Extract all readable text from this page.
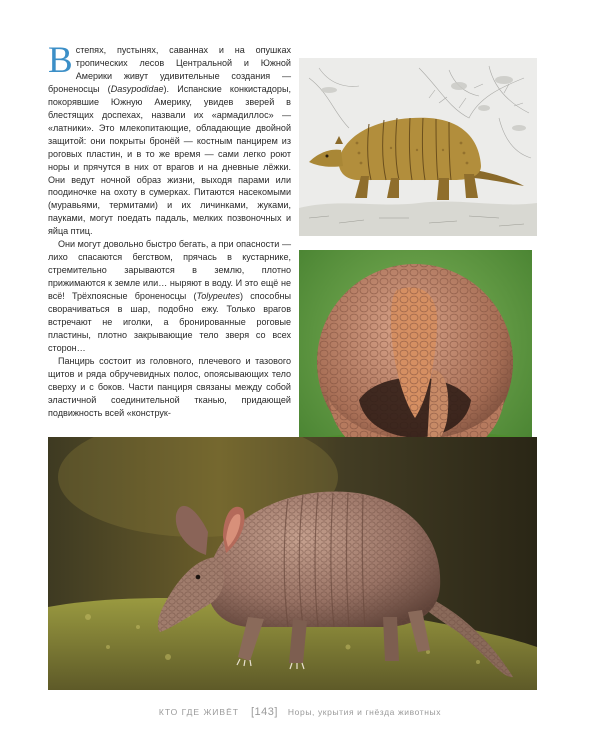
В степях, пустынях, саваннах и на опушках тропических лесов Центральной и Южной Америки живут удивительные создания — броненосцы (Dasypodidae). Испанские конкистадоры, покорявшие Южную Америку, увидев зверей в блестящих доспехах, назвали их «армадиллос» — «латники». Это млекопитающие, обладающие двойной защитой: они покрыты бронёй — костным панцирем из роговых пластин, и в то же время — сами легко роют норы и прячутся в них от врагов и на дневные лёжки. Они ведут ночной образ жизни, выходя парами или поодиночке на охоту в сумерках. Питаются насекомыми (муравьями, термитами) и их личинками, жуками, пауками, могут поедать падаль, мелких позвоночных и яйца птиц.

Они могут довольно быстро бегать, а при опасности — лихо спасаются бегством, прячась в кустарнике, стремительно зарываются в землю, плотно прижимаются к земле или… ныряют в воду. И это ещё не всё! Трёхпоясные броненосцы (Tolypeutes) способны сворачиваться в шар, подобно ежу. Только врагов встречают не иголки, а бронированные роговые пластины, плотно закрывающие тело зверя со всех сторон…

Панцирь состоит из головного, плечевого и тазового щитов и ряда обручевидных полос, опоясывающих тело сверху и с боков. Части панциря связаны между собой эластичной соединительной тканью, придающей подвижность всей «конструк-

КТО ГДЕ ЖИВЁТ [143] Норы, укрытия и гнёзда животных
